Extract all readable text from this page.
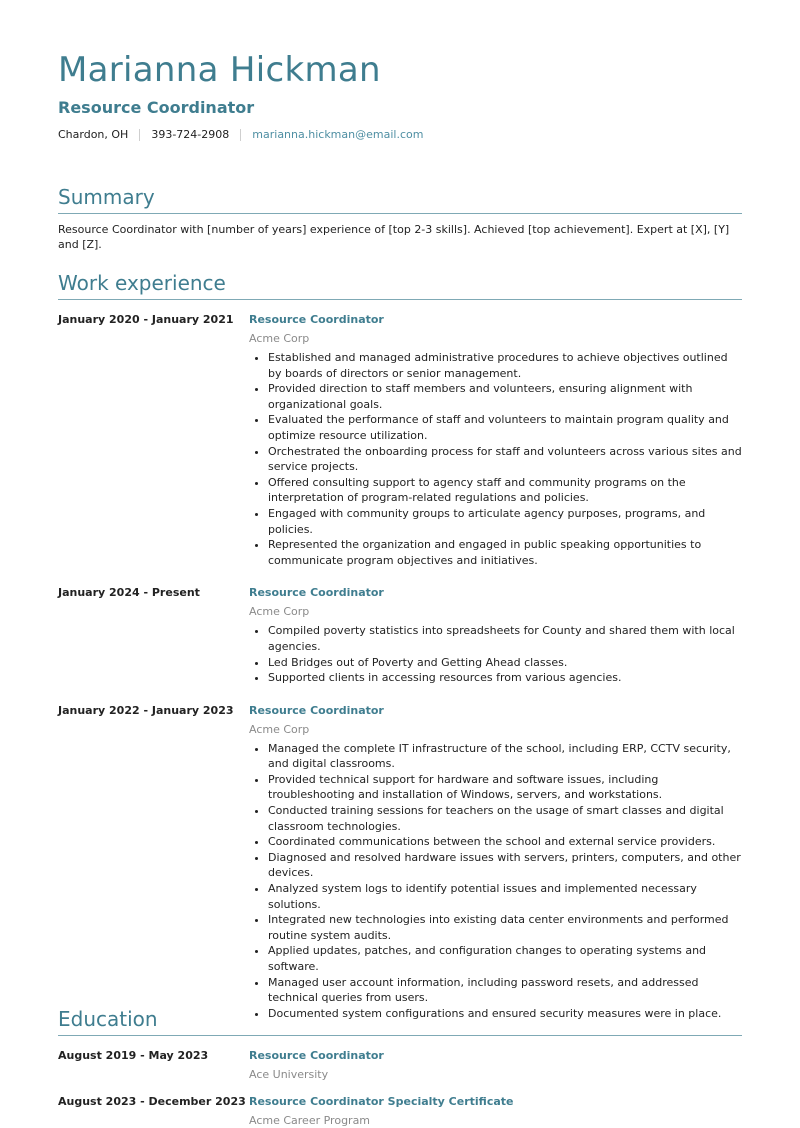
Marianna Hickman
Resource Coordinator
Chardon, OH 393-724-2908 marianna.hickman@email.com
Summary
Resource Coordinator with [number of years] experience of [top 2-3 skills]. Achieved [top achievement]. Expert at [X], [Y] and [Z].
Work experience
January 2020 - January 2021	Resource Coordinator
Acme Corp
• Established and managed administrative procedures to achieve objectives outlined by boards of directors or senior management.
• Provided direction to staff members and volunteers, ensuring alignment with organizational goals.
• Evaluated the performance of staff and volunteers to maintain program quality and optimize resource utilization.
• Orchestrated the onboarding process for staff and volunteers across various sites and service projects.
• Offered consulting support to agency staff and community programs on the interpretation of program-related regulations and policies.
• Engaged with community groups to articulate agency purposes, programs, and policies.
• Represented the organization and engaged in public speaking opportunities to communicate program objectives and initiatives.
January 2024 - Present	Resource Coordinator
Acme Corp
• Compiled poverty statistics into spreadsheets for County and shared them with local agencies.
• Led Bridges out of Poverty and Getting Ahead classes.
• Supported clients in accessing resources from various agencies.
January 2022 - January 2023	Resource Coordinator
Acme Corp
• Managed the complete IT infrastructure of the school, including ERP, CCTV security, and digital classrooms.
• Provided technical support for hardware and software issues, including troubleshooting and installation of Windows, servers, and workstations.
• Conducted training sessions for teachers on the usage of smart classes and digital classroom technologies.
• Coordinated communications between the school and external service providers.
• Diagnosed and resolved hardware issues with servers, printers, computers, and other devices.
• Analyzed system logs to identify potential issues and implemented necessary solutions.
• Integrated new technologies into existing data center environments and performed routine system audits.
• Applied updates, patches, and configuration changes to operating systems and software.
• Managed user account information, including password resets, and addressed technical queries from users.
• Documented system configurations and ensured security measures were in place.
Education
August 2019 - May 2023	Resource Coordinator
Ace University
August 2023 - December 2023 Resource Coordinator Specialty Certificate
Acme Career Program
